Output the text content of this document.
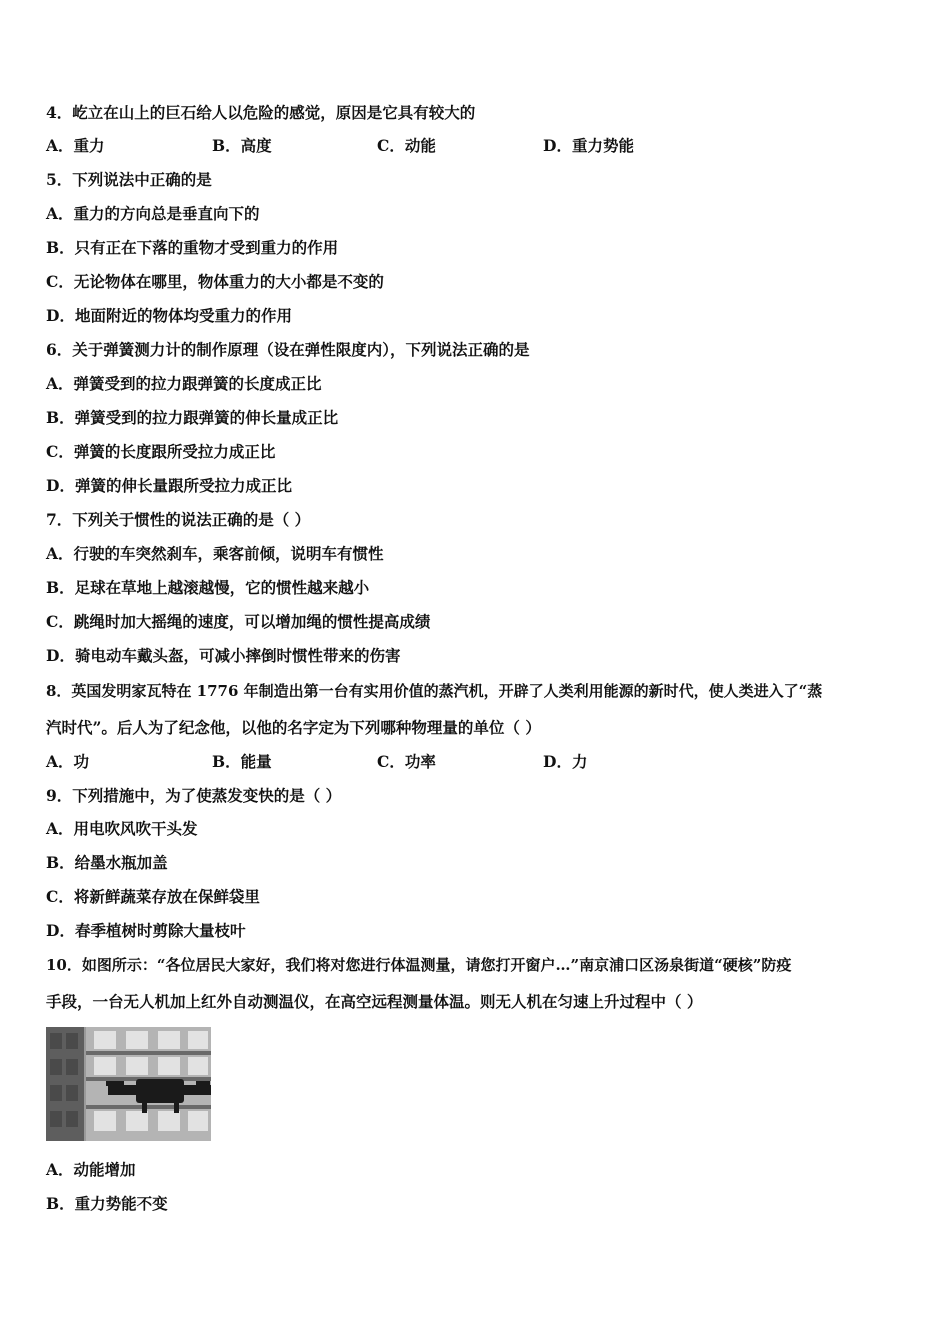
4．屹立在山上的巨石给人以危险的感觉，原因是它具有较大的
A．重力	B．高度	C．动能	D．重力势能
5．下列说法中正确的是
A．重力的方向总是垂直向下的
B．只有正在下落的重物才受到重力的作用
C．无论物体在哪里，物体重力的大小都是不变的
D．地面附近的物体均受重力的作用
6．关于弹簧测力计的制作原理（设在弹性限度内），下列说法正确的是
A．弹簧受到的拉力跟弹簧的长度成正比
B．弹簧受到的拉力跟弹簧的伸长量成正比
C．弹簧的长度跟所受拉力成正比
D．弹簧的伸长量跟所受拉力成正比
7．下列关于惯性的说法正确的是（ ）
A．行驶的车突然刹车，乘客前倾，说明车有惯性
B．足球在草地上越滚越慢，它的惯性越来越小
C．跳绳时加大摇绳的速度，可以增加绳的惯性提高成绩
D．骑电动车戴头盔，可减小摔倒时惯性带来的伤害
8．英国发明家瓦特在 1776 年制造出第一台有实用价值的蒸汽机，开辟了人类利用能源的新时代，使人类进入了“蒸
汽时代”。后人为了纪念他，以他的名字定为下列哪种物理量的单位（ ）
A．功	B．能量	C．功率	D．力
9．下列措施中，为了使蒸发变快的是（ ）
A．用电吹风吹干头发
B．给墨水瓶加盖
C．将新鲜蔬菜存放在保鲜袋里
D．春季植树时剪除大量枝叶
10．如图所示：“各位居民大家好，我们将对您进行体温测量，请您打开窗户…”南京浦口区汤泉街道“硬核”防疫
手段，一台无人机加上红外自动测温仪，在高空远程测量体温。则无人机在匀速上升过程中（ ）
A．动能增加
B．重力势能不变
